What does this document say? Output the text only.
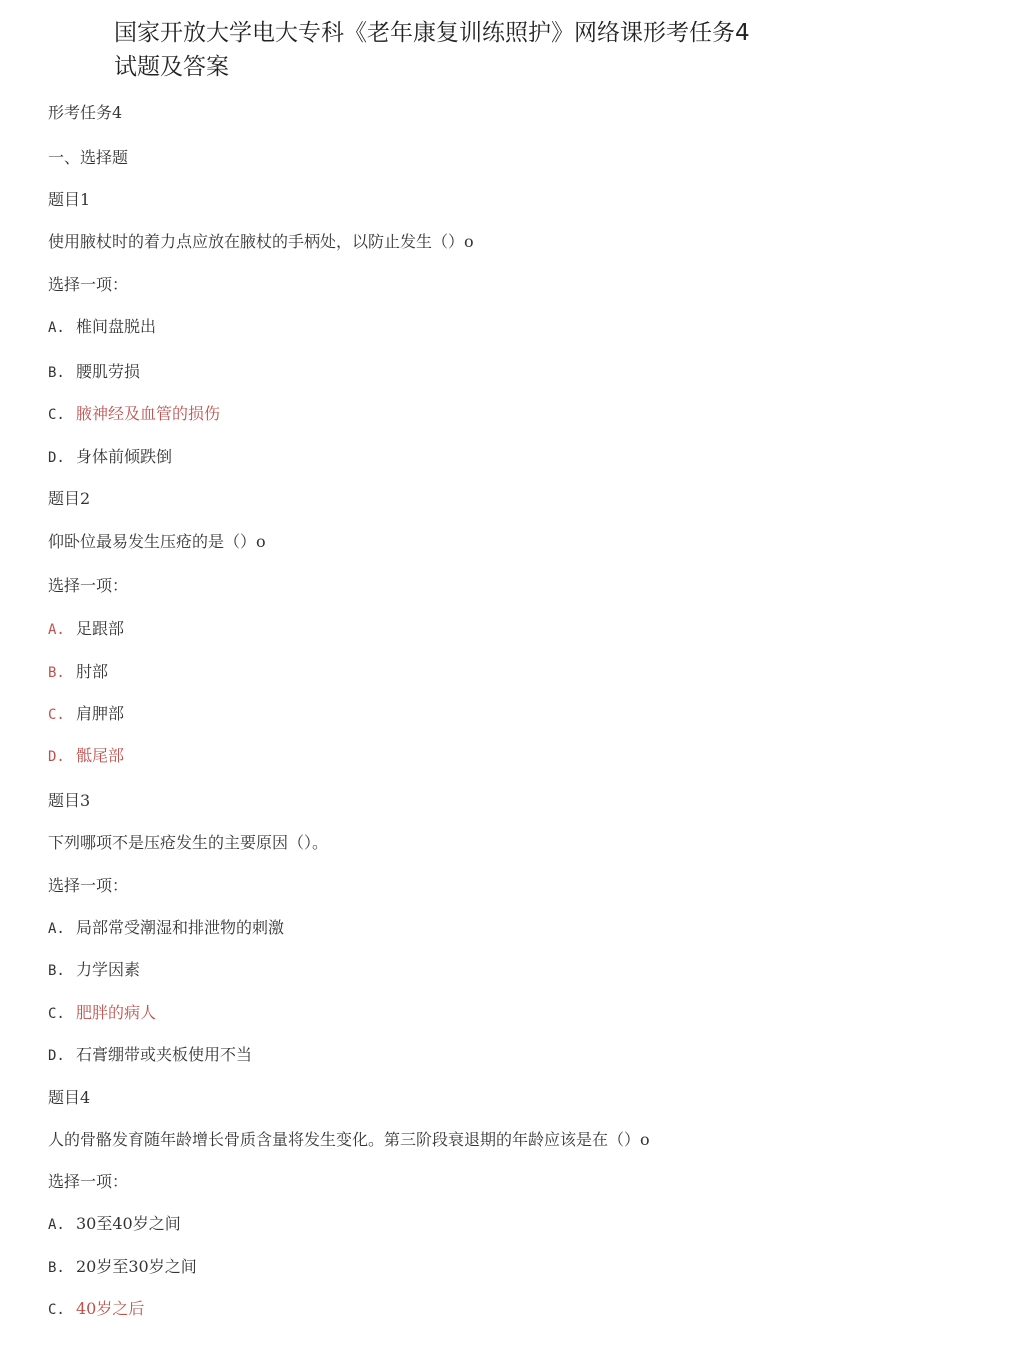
国家开放大学电大专科《老年康复训练照护》网络课形考任务4试题及答案
形考任务4
一、选择题
题目1
使用腋杖时的着力点应放在腋杖的手柄处，以防止发生（）o
选择一项：
A. 椎间盘脱出
B. 腰肌劳损
C. 腋神经及血管的损伤
D. 身体前倾跌倒
题目2
仰卧位最易发生压疮的是（）o
选择一项：
A. 足跟部
B. 肘部
C. 肩胛部
D. 骶尾部
题目3
下列哪项不是压疮发生的主要原因（）。
选择一项：
A. 局部常受潮湿和排泄物的刺激
B. 力学因素
C. 肥胖的病人
D. 石膏绷带或夹板使用不当
题目4
人的骨骼发育随年龄增长骨质含量将发生变化。第三阶段衰退期的年龄应该是在（）o
选择一项：
A. 30至40岁之间
B. 20岁至30岁之间
C. 40岁之后
